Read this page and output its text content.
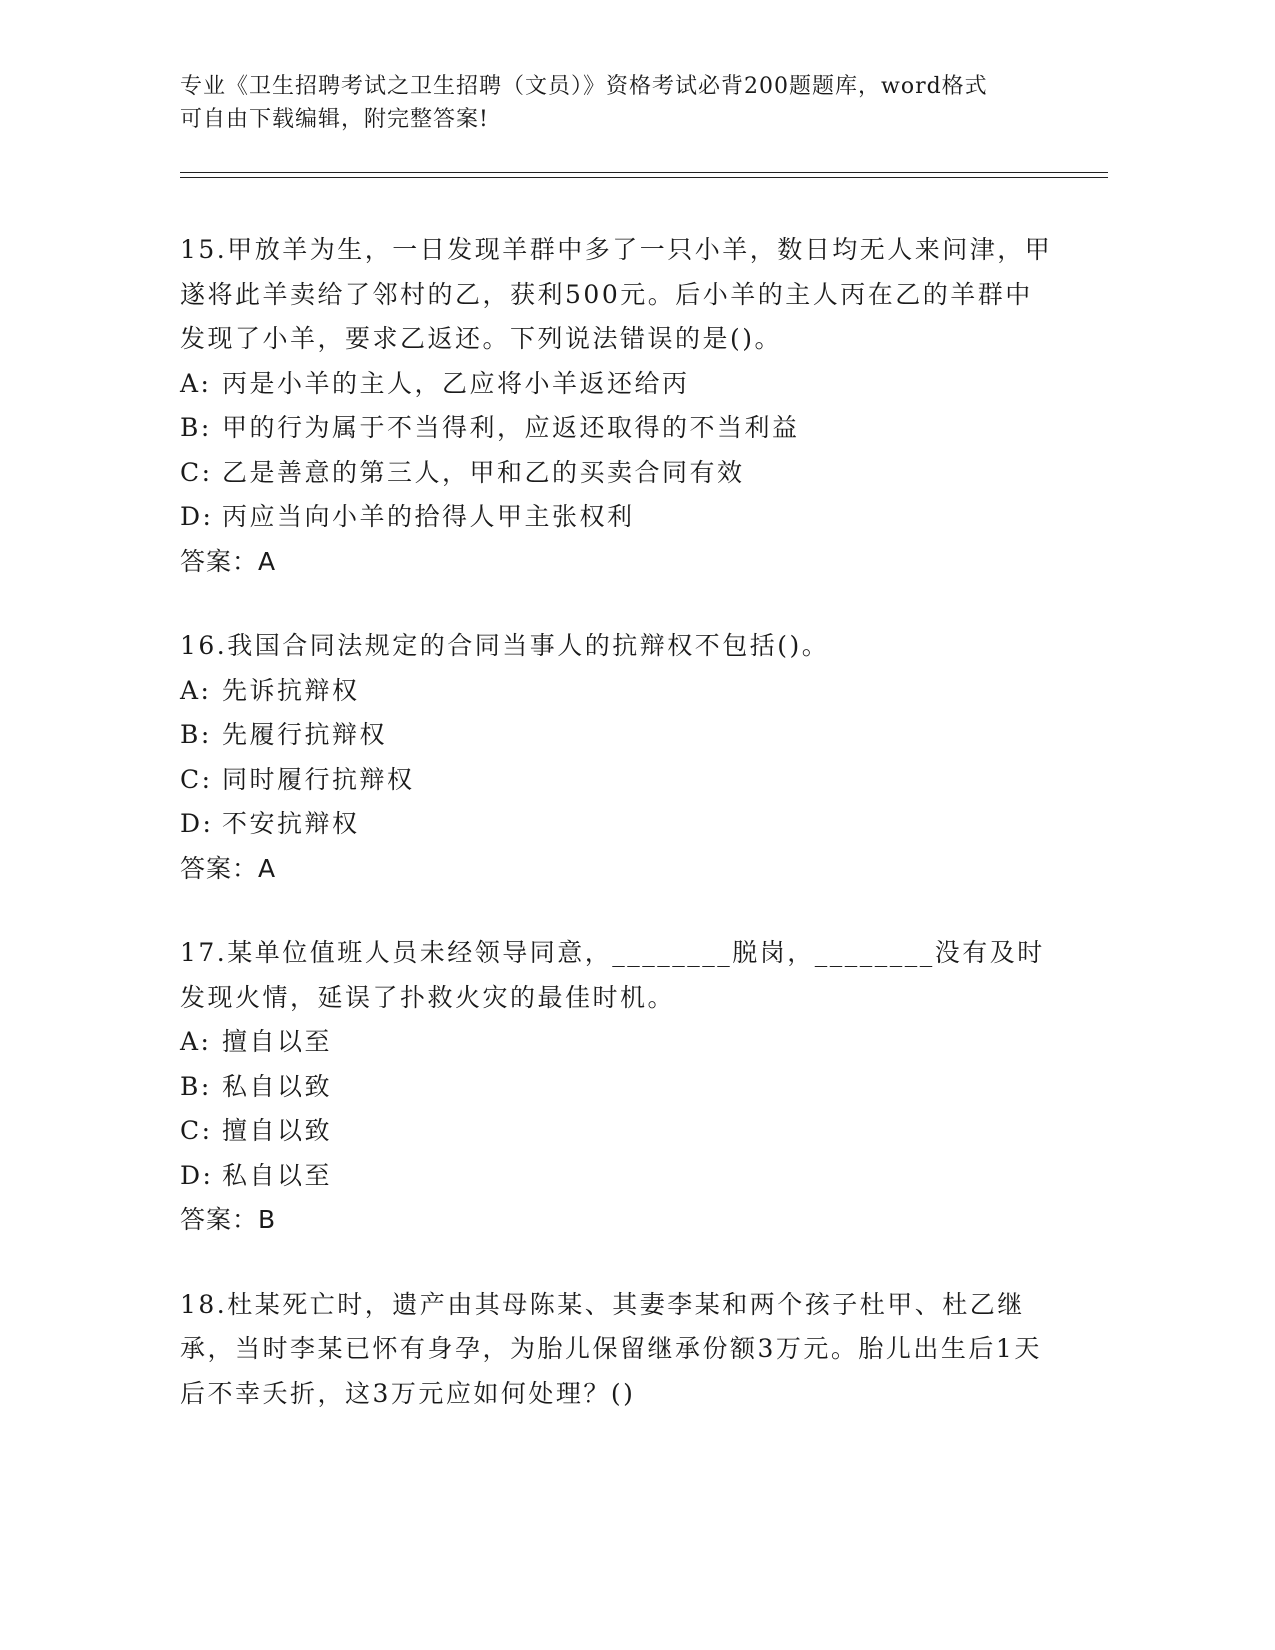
专业《卫生招聘考试之卫生招聘（文员）》资格考试必背200题题库，word格式
可自由下载编辑，附完整答案!

15.甲放羊为生，一日发现羊群中多了一只小羊，数日均无人来问津，甲遂将此羊卖给了邻村的乙，获利500元。后小羊的主人丙在乙的羊群中发现了小羊，要求乙返还。下列说法错误的是()。

A: 丙是小羊的主人，乙应将小羊返还给丙

B: 甲的行为属于不当得利，应返还取得的不当利益

C: 乙是善意的第三人，甲和乙的买卖合同有效

D: 丙应当向小羊的拾得人甲主张权利

答案：A

16.我国合同法规定的合同当事人的抗辩权不包括()。

A: 先诉抗辩权

B: 先履行抗辩权

C: 同时履行抗辩权

D: 不安抗辩权

答案：A

17.某单位值班人员未经领导同意，________脱岗，________没有及时发现火情，延误了扑救火灾的最佳时机。

A: 擅自以至

B: 私自以致

C: 擅自以致

D: 私自以至

答案：B

18.杜某死亡时，遗产由其母陈某、其妻李某和两个孩子杜甲、杜乙继承，当时李某已怀有身孕，为胎儿保留继承份额3万元。胎儿出生后1天后不幸夭折，这3万元应如何处理？()
